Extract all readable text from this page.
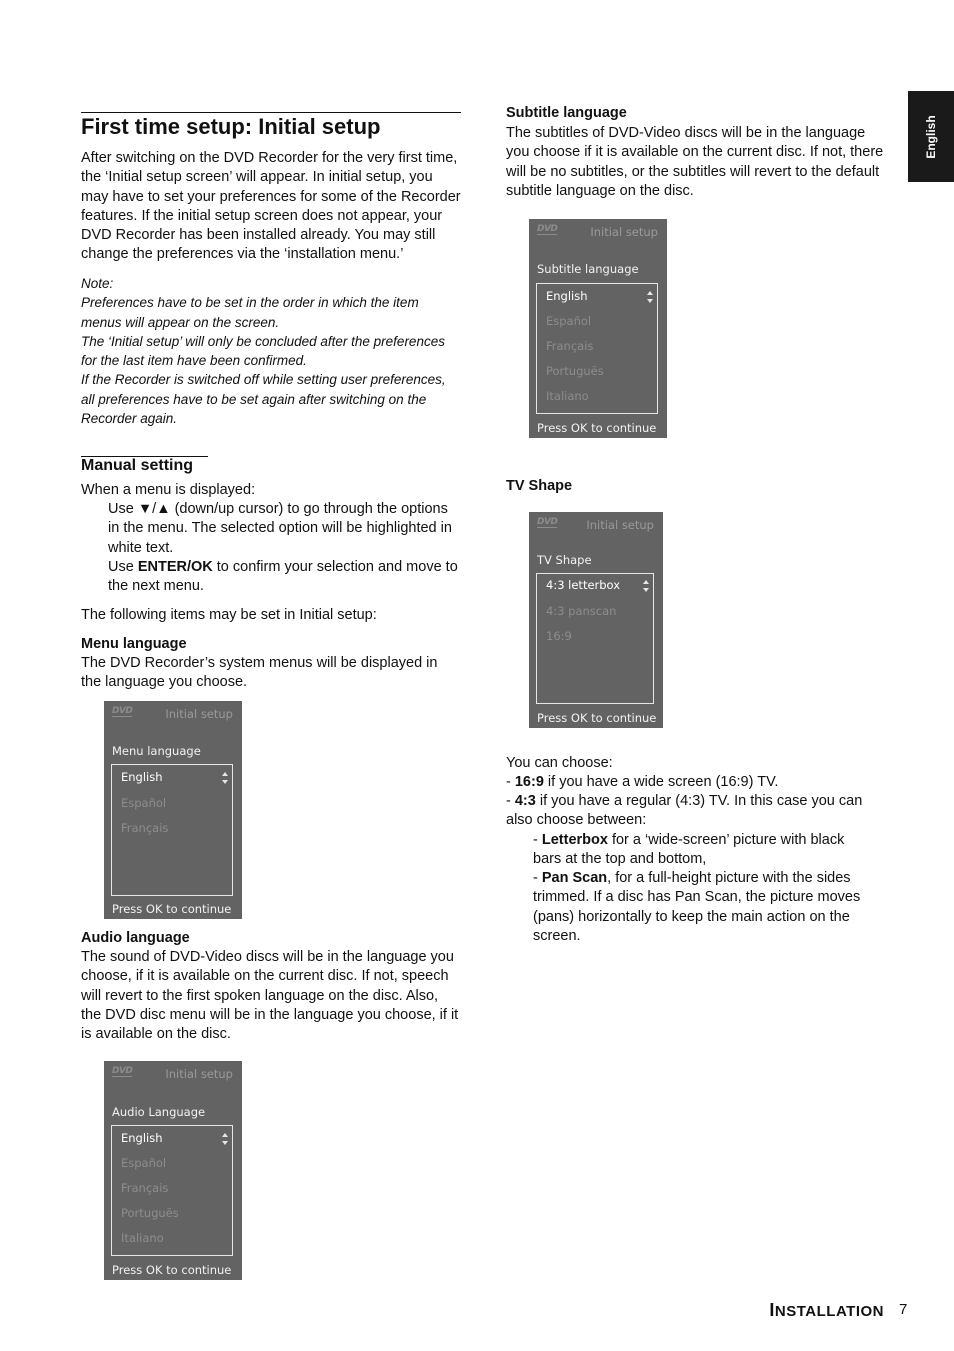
English
First time setup: Initial setup

After switching on the DVD Recorder for the very first time, the ‘Initial setup screen’ will appear. In initial setup, you may have to set your preferences for some of the Recorder features. If the initial setup screen does not appear, your DVD Recorder has been installed already. You may still change the preferences via the ‘installation menu.’

Note:

Preferences have to be set in the order in which the item menus will appear on the screen.

The ‘Initial setup’ will only be concluded after the preferences for the last item have been confirmed.

If the Recorder is switched off while setting user preferences, all preferences have to be set again after switching on the Recorder again.

Manual setting

When a menu is displayed:

Use ▼/▲ (down/up cursor) to go through the options in the menu. The selected option will be highlighted in white text.

Use ENTER/OK to confirm your selection and move to the next menu.

The following items may be set in Initial setup:

Menu language

The DVD Recorder’s system menus will be displayed in the language you choose.

DVD	Initial setup
Menu language
English
Español
Français
Press OK to continue
Audio language

The sound of DVD-Video discs will be in the language you choose, if it is available on the current disc. If not, speech will revert to the first spoken language on the disc. Also, the DVD disc menu will be in the language you choose, if it is available on the disc.

DVD	Initial setup
Audio Language
English
Español
Français
Portuguës
Italiano
Press OK to continue
Subtitle language

The subtitles of DVD-Video discs will be in the language you choose if it is available on the current disc. If not, there will be no subtitles, or the subtitles will revert to the default subtitle language on the disc.

DVD	Initial setup
Subtitle language
English
Español
Français
Portuguës
Italiano
Press OK to continue
TV Shape
DVD	Initial setup
TV Shape
4:3 letterbox
4:3 panscan
16:9
Press OK to continue

You can choose:

- 16:9 if you have a wide screen (16:9) TV.

- 4:3 if you have a regular (4:3) TV. In this case you can also choose between:

- Letterbox for a ‘wide-screen’ picture with black bars at the top and bottom,

- Pan Scan, for a full-height picture with the sides trimmed. If a disc has Pan Scan, the picture moves (pans) horizontally to keep the main action on the screen.

INSTALLATION 7
